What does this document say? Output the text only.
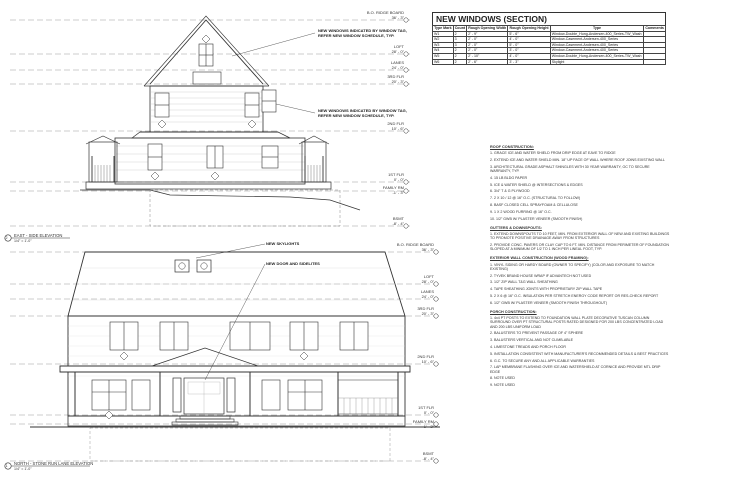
NEW WINDOWS INDICATED BY WINDOW TAG, REFER NEW WINDOW SCHEDULE, TYP.
NEW WINDOWS INDICATED BY WINDOW TAG, REFER NEW WINDOW SCHEDULE, TYP.
NEW SKYLIGHTS
NEW DOOR AND SIDELITES
2 EAST - SIDE ELEVATION
1/4" = 1'-0"
1 NORTH - STONE RUN LANE ELEVATION
1/4" = 1'-0"
B.O. RIDGE BOARD
36' - 3"
LOFT
28' - 0"
LANES
24' - 0"
3RD FLR
20' - 3"
2ND FLR
10' - 6"
1ST FLR
0' - 0"
FAMILY RM
-1' - 3"
BSMT
-8' - 4"
B.O. RIDGE BOARD
36' - 3"
LOFT
28' - 0"
LANES
24' - 0"
3RD FLR
20' - 3"
2ND FLR
10' - 6"
1ST FLR
0' - 0"
FAMILY RM
-1' - 3"
BSMT
-8' - 4"
NEW WINDOWS (SECTION)
Type Mark	Count	Rough Opening Width	Rough Opening Height	Type	Comments
W1	2	2' - 9"	5' - 6"	Window-Double_Hung-Andersen-400_Series-TW_Wash	
W2	3	2' - 0"	4' - 0"	Window-Casement-Andersen-400_Series	
W3	3	2' - 0"	5' - 0"	Window-Casement-Andersen-400_Series	
W4	2	2' - 0"	3' - 0"	Window-Casement-Andersen-400_Series	
W5	2	2' - 10"	4' - 0"	Window-Double_Hung-Andersen-400_Series-TW_Wash	
W6	2	2' - 6"	3' - 3"	Skylight	
ROOF CONSTRUCTION:
1. GRACE ICE AND WATER SHIELD FROM DRIP EDGE AT EAVE TO RIDGE
2. EXTEND ICE AND WATER SHIELD MIN. 18" UP FACE OF WALL WHERE ROOF JOINS EXISTING WALL
3. ARCHITECTURAL GRADE ASPHALT SHINGLES WITH 30 YEAR WARRANTY, OC TO SECURE WARRANTY, TYP.
4. 15 LB BLDG PAPER
5. ICE & WATER SHIELD @ INTERSECTIONS & EDGES
6. 3/4" T & G PLYWOOD
7. 2 X 10 / 12 @ 16" O.C. (STRUCTURAL TO FOLLOW)
8. BASF CLOSED CELL SPRAYFOAM & CELLULOSE
9. 1 X 2 WOOD FURRING @ 16" O.C.
10. 1/2" GWB W/ PLASTER VENEER (SMOOTH FINISH)
GUTTERS & DOWNSPOUTS:
1. EXTEND DOWNSPOUTS TO 10 FEET, MIN. FROM EXTERIOR WALL OF NEW AND EXISTING BUILDINGS TO PROMOTE POSITIVE DRAINAGE AWAY FROM STRUCTURES
2. PROVIDE CONC. PAVERS OR CLAY CAP TO 6 FT. MIN. DISTANCE FROM PERIMETER OF FOUNDATION SLOPED AT A MINIMUM OF 1/2 TO 1 INCH PER LINEAL FOOT, TYP.
EXTERIOR WALL CONSTRUCTION (WOOD FRAMING):
1. VINYL SIDING OR HARDY BOARD (OWNER TO SPECIFY) (COLOR AND EXPOSURE TO MATCH EXISTING)
2. TYVEK BRAND HOUSE WRAP IF ADVANTECH NOT USED
3. 1/2" ZIP WALL T&G WALL SHEATHING
4. TAPE SHEATHING JOINTS WITH PROPRIETARY ZIP WALL TAPE
5. 2 X 6 @ 16" O.C. INSULATION PER STRETCH ENERGY CODE REPORT OR RES-CHECK REPORT
6. 1/2" GWB W/ PLASTER VENEER (SMOOTH FINISH THROUGHOUT)
PORCH CONSTRUCTION:
1. 4x4 PT POSTS TO EXTEND TO FOUNDATION WALL PLATE DECORATIVE TUSCAN COLUMN SURROUND OVER PT STRUCTURAL POSTS RATED DESIGNED FOR 200 LBS CONCENTRATED LOAD AND 200 LBS UNIFORM LOAD
2. BALUSTERS TO PREVENT PASSAGE OF 4" SPHERE
3. BALUSTERS VERTICAL AND NOT CLIMB-ABLE
4. LIMESTONE TREADS AND PORCH FLOOR
5. INSTALLATION CONSISTENT WITH MANUFACTURER'S RECOMMENDED DETAILS & BEST PRACTICES
6. G.C. TO SECURE ANY AND ALL APPLICABLE WARRANTIES
7. LAP MEMBRANE FLASHING OVER ICE AND WATERSHIELD AT CORNICE AND PROVIDE MTL DRIP EDGE
8. NOTE USED
9. NOTE USED
